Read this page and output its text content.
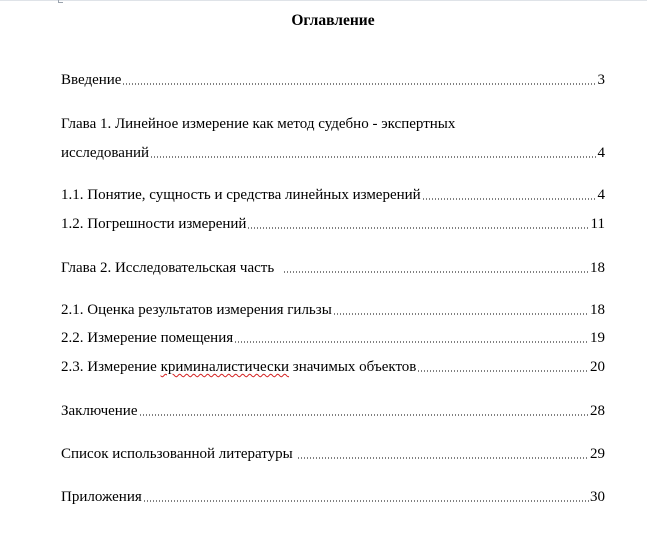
Оглавление
Введение	3
Глава 1. Линейное измерение как метод судебно - экспертных
исследований	4
1.1. Понятие, сущность и средства линейных измерений	4
1.2. Погрешности измерений	11
Глава 2. Исследовательская часть	18
2.1. Оценка результатов измерения гильзы	18
2.2. Измерение помещения	19
2.3. Измерение криминалистически значимых объектов	20
Заключение	28
Список использованной литературы	29
Приложения	30
